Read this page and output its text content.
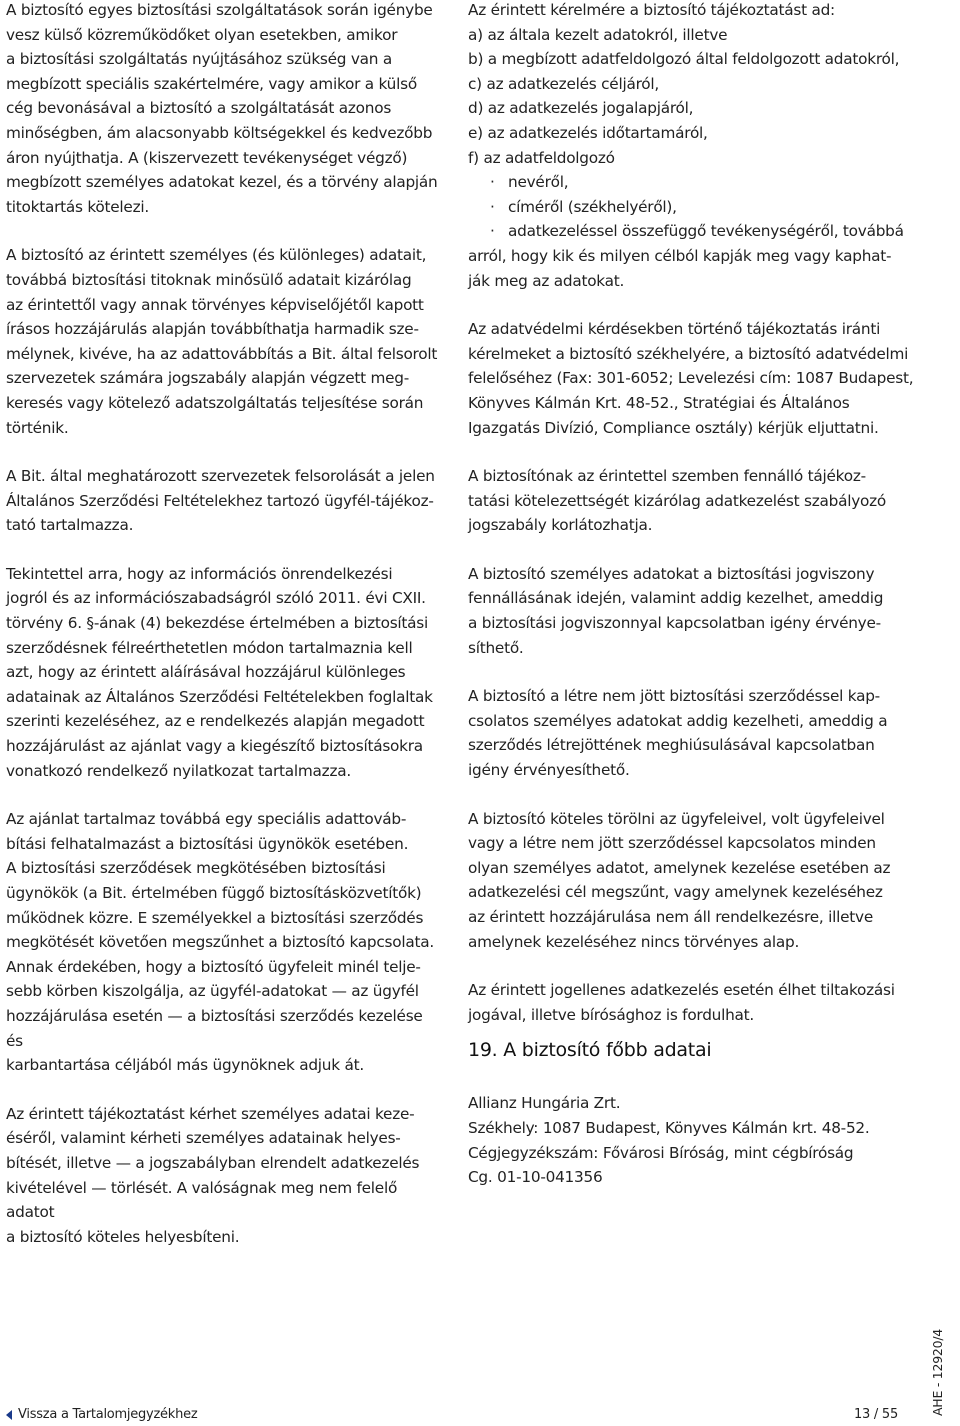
A biztosító egyes biztosítási szolgáltatások során igénybe
vesz külső közreműködőket olyan esetekben, amikor
a biztosítási szolgáltatás nyújtásához szükség van a
megbízott speciális szakértelmére, vagy amikor a külső
cég bevonásával a biztosító a szolgáltatását azonos
minőségben, ám alacsonyabb költségekkel és kedvezőbb
áron nyújthatja. A (kiszervezett tevékenységet végző)
megbízott személyes adatokat kezel, és a törvény alapján
titoktartás kötelezi.

A biztosító az érintett személyes (és különleges) adatait,
továbbá biztosítási titoknak minősülő adatait kizárólag
az érintettől vagy annak törvényes képviselőjétől kapott
írásos hozzájárulás alapján továbbíthatja harmadik sze-
mélynek, kivéve, ha az adattovábbítás a Bit. által felsorolt
szervezetek számára jogszabály alapján végzett meg-
keresés vagy kötelező adatszolgáltatás teljesítése során
történik.

A Bit. által meghatározott szervezetek felsorolását a jelen
Általános Szerződési Feltételekhez tartozó ügyfél-tájékoz-
tató tartalmazza.

Tekintettel arra, hogy az információs önrendelkezési
jogról és az információszabadságról szóló 2011. évi CXII.
törvény 6. §-ának (4) bekezdése értelmében a biztosítási
szerződésnek félreérthetetlen módon tartalmaznia kell
azt, hogy az érintett aláírásával hozzájárul különleges
adatainak az Általános Szerződési Feltételekben foglaltak
szerinti kezeléséhez, az e rendelkezés alapján megadott
hozzájárulást az ajánlat vagy a kiegészítő biztosításokra
vonatkozó rendelkező nyilatkozat tartalmazza.

Az ajánlat tartalmaz továbbá egy speciális adattováb-
bítási felhatalmazást a biztosítási ügynökök esetében.
A biztosítási szerződések megkötésében biztosítási
ügynökök (a Bit. értelmében függő biztosításközvetítők)
működnek közre. E személyekkel a biztosítási szerződés
megkötését követően megszűnhet a biztosító kapcsolata.
Annak érdekében, hogy a biztosító ügyfeleit minél telje-
sebb körben kiszolgálja, az ügyfél-adatokat — az ügyfél
hozzájárulása esetén — a biztosítási szerződés kezelése és
karbantartása céljából más ügynöknek adjuk át.

Az érintett tájékoztatást kérhet személyes adatai keze-
éséről, valamint kérheti személyes adatainak helyes-
bítését, illetve — a jogszabályban elrendelt adatkezelés
kivételével — törlését. A valóságnak meg nem felelő adatot
a biztosító köteles helyesbíteni.

Az érintett kérelmére a biztosító tájékoztatást ad:

a) az általa kezelt adatokról, illetve
b) a megbízott adatfeldolgozó által feldolgozott adatokról,
c) az adatkezelés céljáról,
d) az adatkezelés jogalapjáról,
e) az adatkezelés időtartamáról,
f) az adatfeldolgozó
· nevéről,
· címéről (székhelyéről),
· adatkezeléssel összefüggő tevékenységéről, továbbá

arról, hogy kik és milyen célból kapják meg vagy kaphat-
ják meg az adatokat.

Az adatvédelmi kérdésekben történő tájékoztatás iránti
kérelmeket a biztosító székhelyére, a biztosító adatvédelmi
felelőséhez (Fax: 301-6052; Levelezési cím: 1087 Budapest,
Könyves Kálmán Krt. 48-52., Stratégiai és Általános
Igazgatás Divízió, Compliance osztály) kérjük eljuttatni.

A biztosítónak az érintettel szemben fennálló tájékoz-
tatási kötelezettségét kizárólag adatkezelést szabályozó
jogszabály korlátozhatja.

A biztosító személyes adatokat a biztosítási jogviszony
fennállásának idején, valamint addig kezelhet, ameddig
a biztosítási jogviszonnyal kapcsolatban igény érvénye-
síthető.

A biztosító a létre nem jött biztosítási szerződéssel kap-
csolatos személyes adatokat addig kezelheti, ameddig a
szerződés létrejöttének meghiúsulásával kapcsolatban
igény érvényesíthető.

A biztosító köteles törölni az ügyfeleivel, volt ügyfeleivel
vagy a létre nem jött szerződéssel kapcsolatos minden
olyan személyes adatot, amelynek kezelése esetében az
adatkezelési cél megszűnt, vagy amelynek kezeléséhez
az érintett hozzájárulása nem áll rendelkezésre, illetve
amelynek kezeléséhez nincs törvényes alap.

Az érintett jogellenes adatkezelés esetén élhet tiltakozási
jogával, illetve bírósághoz is fordulhat.

19. A biztosító főbb adatai

Allianz Hungária Zrt.
Székhely: 1087 Budapest, Könyves Kálmán krt. 48-52.
Cégjegyzékszám: Fővárosi Bíróság, mint cégbíróság
Cg. 01-10-041356

Vissza a Tartalomjegyzékhez	13 / 55	AHE - 12920/4
